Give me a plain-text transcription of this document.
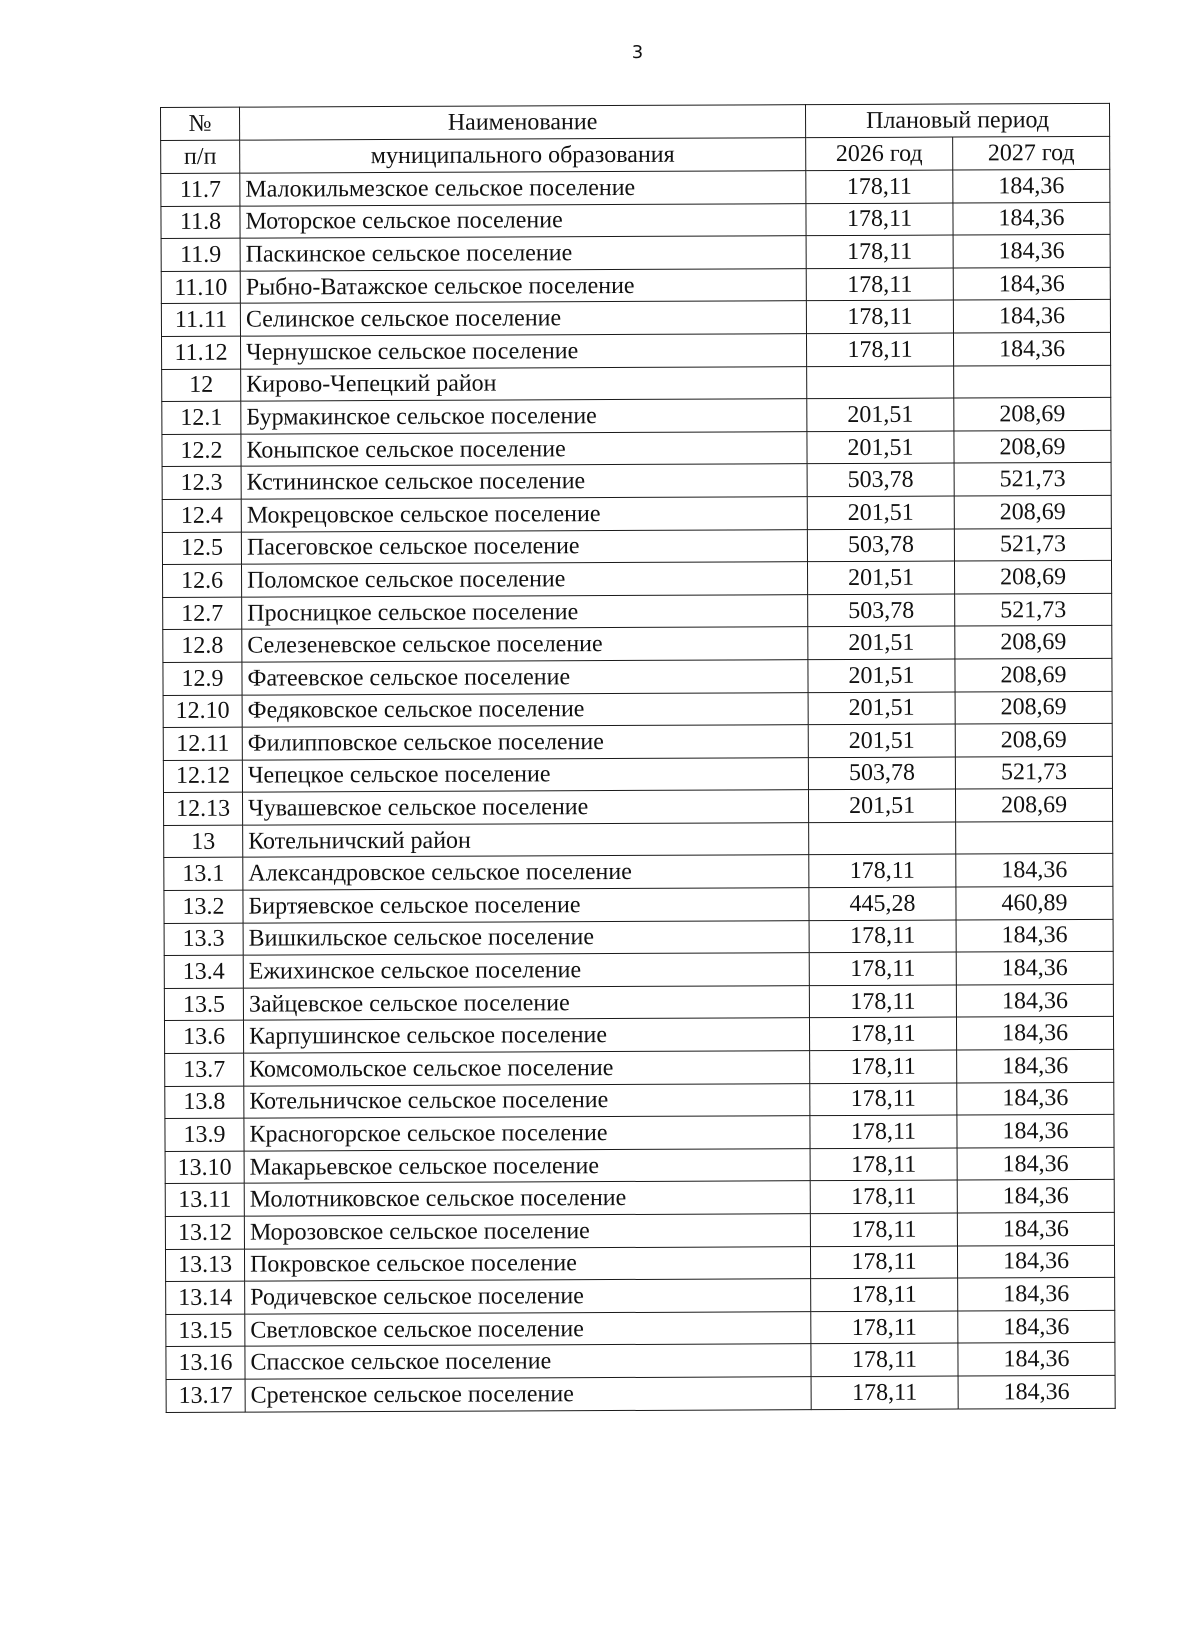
3
№	Наименование	Плановый период	
п/п	муниципального образования	2026 год	2027 год
11.7	Малокильмезское сельское поселение	178,11	184,36
11.8	Моторское сельское поселение	178,11	184,36
11.9	Паскинское сельское поселение	178,11	184,36
11.10	Рыбно-Ватажское сельское поселение	178,11	184,36
11.11	Селинское сельское поселение	178,11	184,36
11.12	Чернушское сельское поселение	178,11	184,36
12	Кирово-Чепецкий район		
12.1	Бурмакинское сельское поселение	201,51	208,69
12.2	Коныпское сельское поселение	201,51	208,69
12.3	Кстининское сельское поселение	503,78	521,73
12.4	Мокрецовское сельское поселение	201,51	208,69
12.5	Пасеговское сельское поселение	503,78	521,73
12.6	Поломское сельское поселение	201,51	208,69
12.7	Просницкое сельское поселение	503,78	521,73
12.8	Селезеневское сельское поселение	201,51	208,69
12.9	Фатеевское сельское поселение	201,51	208,69
12.10	Федяковское сельское поселение	201,51	208,69
12.11	Филипповское сельское поселение	201,51	208,69
12.12	Чепецкое сельское поселение	503,78	521,73
12.13	Чувашевское сельское поселение	201,51	208,69
13	Котельничский район		
13.1	Александровское сельское поселение	178,11	184,36
13.2	Биртяевское сельское поселение	445,28	460,89
13.3	Вишкильское сельское поселение	178,11	184,36
13.4	Ежихинское сельское поселение	178,11	184,36
13.5	Зайцевское сельское поселение	178,11	184,36
13.6	Карпушинское сельское поселение	178,11	184,36
13.7	Комсомольское сельское поселение	178,11	184,36
13.8	Котельничское сельское поселение	178,11	184,36
13.9	Красногорское сельское поселение	178,11	184,36
13.10	Макарьевское сельское поселение	178,11	184,36
13.11	Молотниковское сельское поселение	178,11	184,36
13.12	Морозовское сельское поселение	178,11	184,36
13.13	Покровское сельское поселение	178,11	184,36
13.14	Родичевское сельское поселение	178,11	184,36
13.15	Светловское сельское поселение	178,11	184,36
13.16	Спасское сельское поселение	178,11	184,36
13.17	Сретенское сельское поселение	178,11	184,36
